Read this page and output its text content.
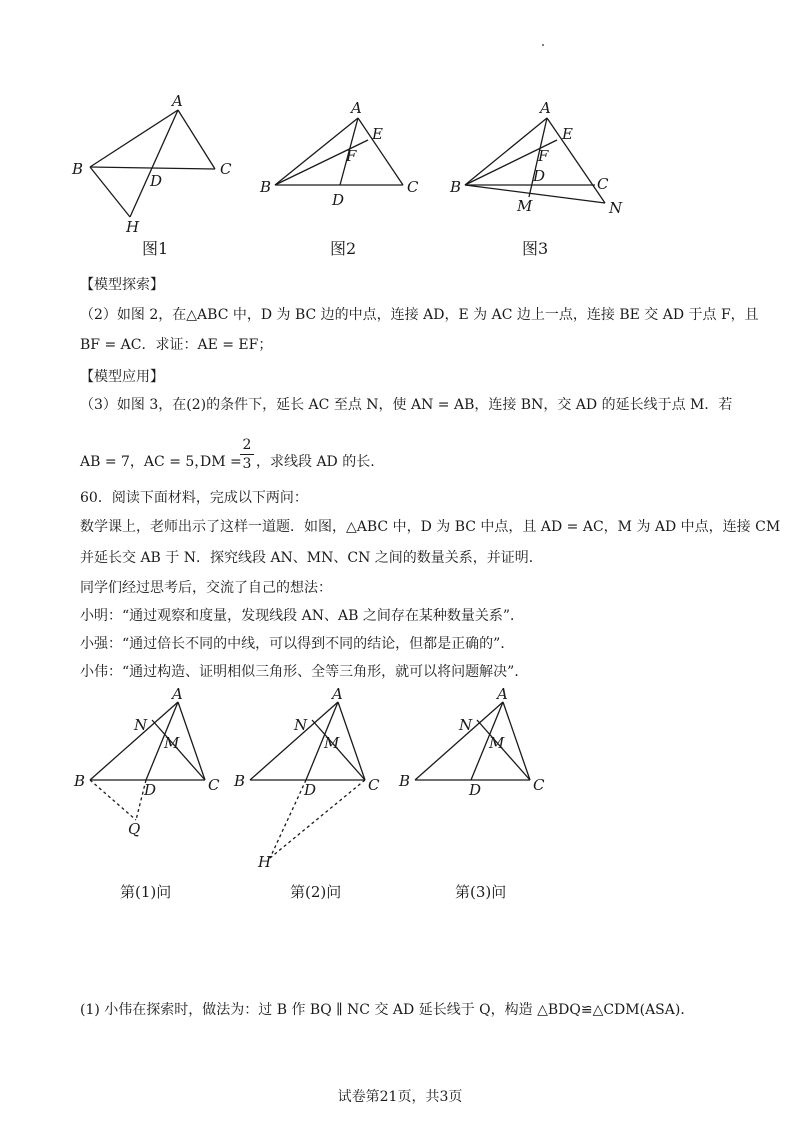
A
B	C
D
H
图1
A
E
F
B
D
C
图2
A
E
F
D
B	C
M	N
图3
【模型探索】
（2）如图 2，在△ABC 中，D 为 BC 边的中点，连接 AD，E 为 AC 边上一点，连接 BE 交 AD 于点 F，且
BF = AC．求证：AE = EF；
【模型应用】
（3）如图 3，在(2)的条件下，延长 AC 至点 N，使 AN = AB，连接 BN，交 AD 的延长线于点 M．若
AB = 7，AC = 5，
DM =
2
3 ，求线段 AD 的长.
60．阅读下面材料，完成以下两问：
数学课上，老师出示了这样一道题．如图，△ABC 中，D 为 BC 中点，且 AD = AC，M 为 AD 中点，连接 CM
并延长交 AB 于 N．探究线段 AN、MN、CN 之间的数量关系，并证明．
同学们经过思考后，交流了自己的想法：
小明：“通过观察和度量，发现线段 AN、AB 之间存在某种数量关系”．
小强：“通过倍长不同的中线，可以得到不同的结论，但都是正确的”．
小伟：“通过构造、证明相似三角形、全等三角形，就可以将问题解决”．
A
N
M
B	D	C
Q
第(1)问
A
N
M
B	D	C
H
第(2)问
A
N
M
B	D	C
第(3)问
(1) 小伟在探索时，做法为：过 B 作 BQ ∥ NC 交 AD 延长线于 Q，构造 △BDQ≌△CDM(ASA)．
试卷第21页，共3页
